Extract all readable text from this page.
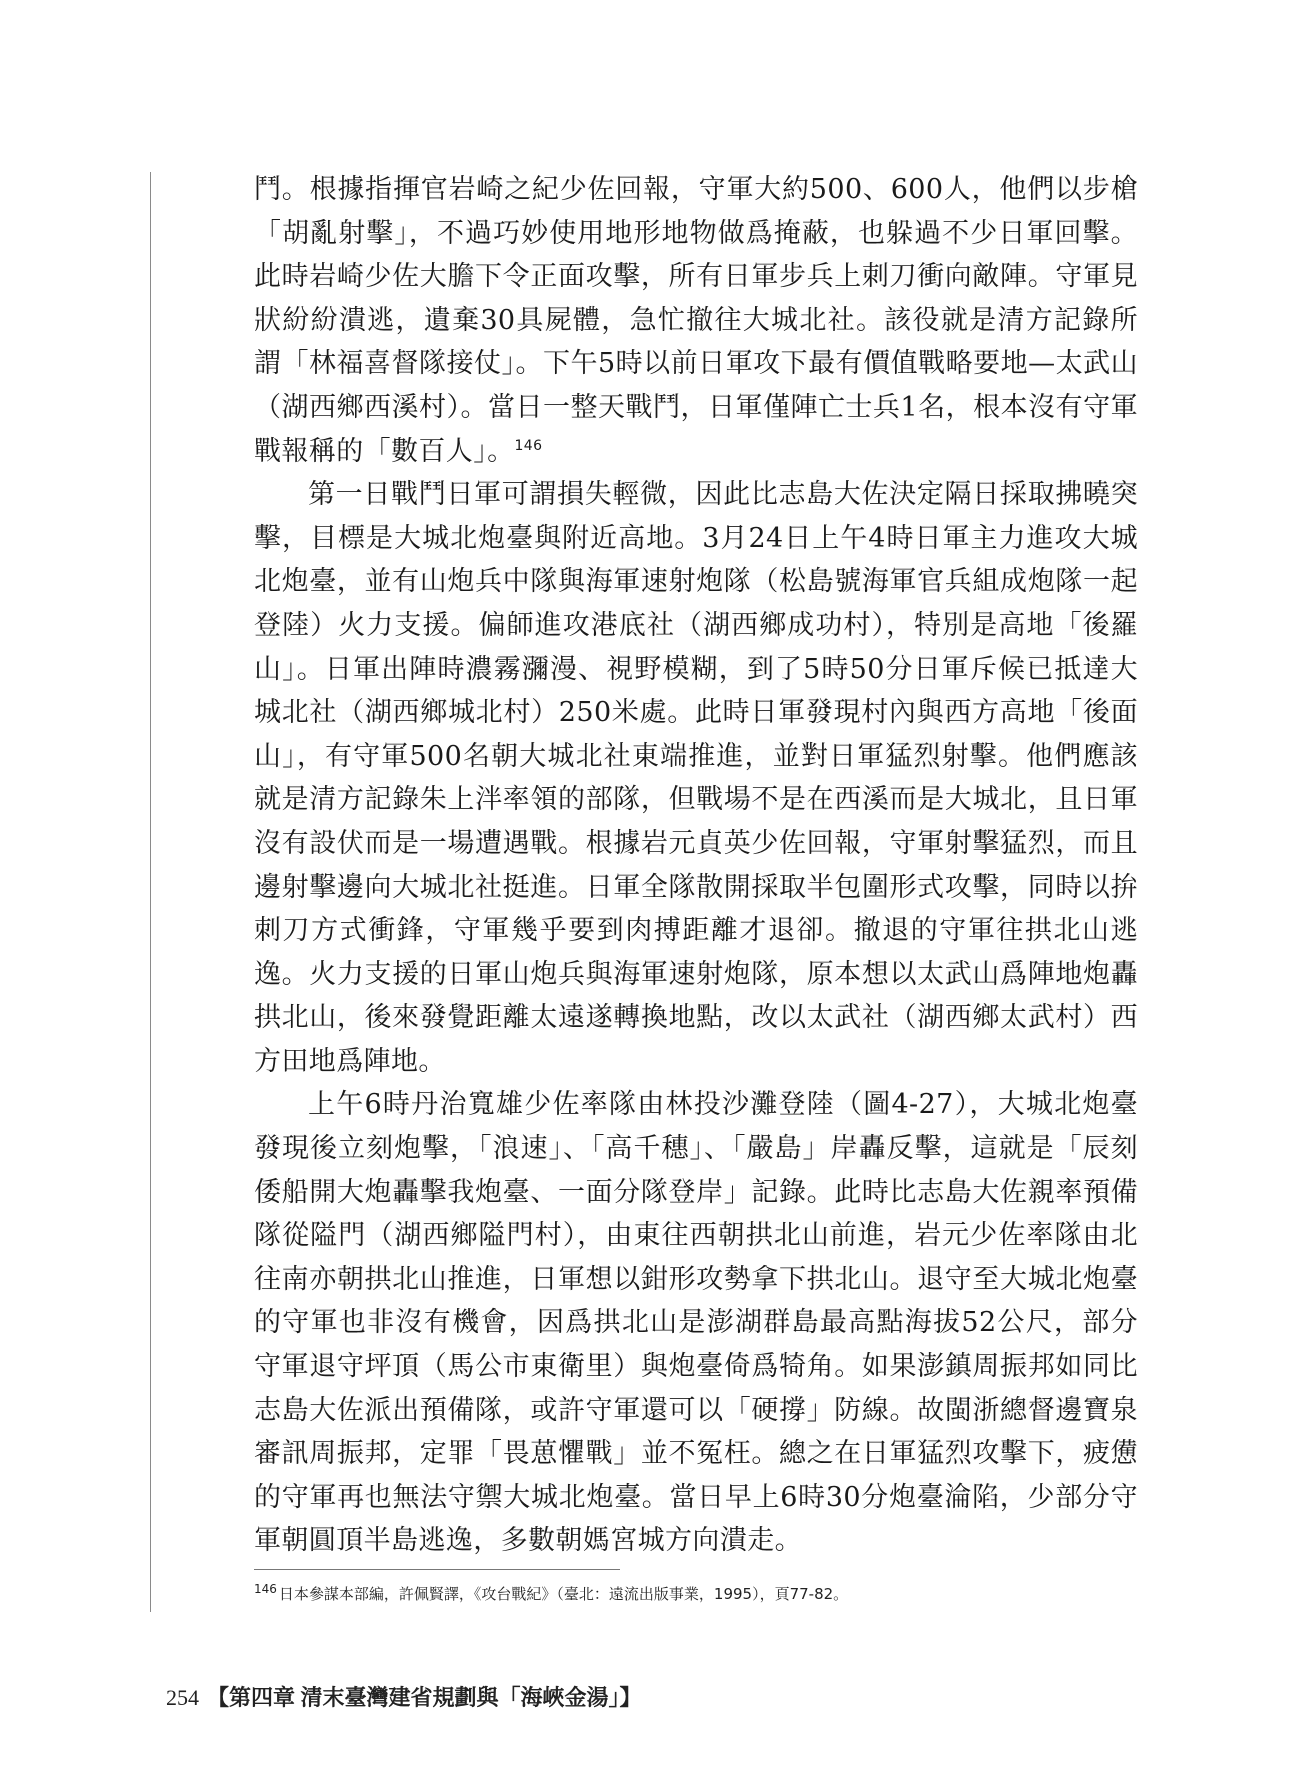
鬥。根據指揮官岩崎之紀少佐回報，守軍大約500、600人，他們以步槍「胡亂射擊」，不過巧妙使用地形地物做爲掩蔽，也躲過不少日軍回擊。此時岩崎少佐大膽下令正面攻擊，所有日軍步兵上刺刀衝向敵陣。守軍見狀紛紛潰逃，遺棄30具屍體，急忙撤往大城北社。該役就是清方記錄所謂「林福喜督隊接仗」。下午5時以前日軍攻下最有價值戰略要地—太武山（湖西鄉西溪村）。當日一整天戰鬥，日軍僅陣亡士兵1名，根本沒有守軍戰報稱的「數百人」。$^{146}$

第一日戰鬥日軍可謂損失輕微，因此比志島大佐決定隔日採取拂曉突擊，目標是大城北炮臺與附近高地。3月24日上午4時日軍主力進攻大城北炮臺，並有山炮兵中隊與海軍速射炮隊（松島號海軍官兵組成炮隊一起登陸）火力支援。偏師進攻港底社（湖西鄉成功村），特別是高地「後羅山」。日軍出陣時濃霧瀰漫、視野模糊，到了5時50分日軍斥候已抵達大城北社（湖西鄉城北村）250米處。此時日軍發現村內與西方高地「後面山」，有守軍500名朝大城北社東端推進，並對日軍猛烈射擊。他們應該就是清方記錄朱上泮率領的部隊，但戰場不是在西溪而是大城北，且日軍沒有設伏而是一場遭遇戰。根據岩元貞英少佐回報，守軍射擊猛烈，而且邊射擊邊向大城北社挺進。日軍全隊散開採取半包圍形式攻擊，同時以拚刺刀方式衝鋒，守軍幾乎要到肉搏距離才退卻。撤退的守軍往拱北山逃逸。火力支援的日軍山炮兵與海軍速射炮隊，原本想以太武山爲陣地炮轟拱北山，後來發覺距離太遠遂轉換地點，改以太武社（湖西鄉太武村）西方田地爲陣地。

上午6時丹治寬雄少佐率隊由林投沙灘登陸（圖4-27），大城北炮臺發現後立刻炮擊，「浪速」、「高千穗」、「嚴島」岸轟反擊，這就是「辰刻倭船開大炮轟擊我炮臺、一面分隊登岸」記錄。此時比志島大佐親率預備隊從隘門（湖西鄉隘門村），由東往西朝拱北山前進，岩元少佐率隊由北往南亦朝拱北山推進，日軍想以鉗形攻勢拿下拱北山。退守至大城北炮臺的守軍也非沒有機會，因爲拱北山是澎湖群島最高點海拔52公尺，部分守軍退守坪頂（馬公市東衛里）與炮臺倚爲犄角。如果澎鎮周振邦如同比志島大佐派出預備隊，或許守軍還可以「硬撐」防線。故閩浙總督邊寶泉審訊周振邦，定罪「畏葸懼戰」並不冤枉。總之在日軍猛烈攻擊下，疲憊的守軍再也無法守禦大城北炮臺。當日早上6時30分炮臺淪陷，少部分守軍朝圓頂半島逃逸，多數朝媽宮城方向潰走。

$^{146}$ 日本參謀本部編，許佩賢譯，《攻台戰紀》（臺北：遠流出版事業，1995），頁77-82。

254 【第四章 清末臺灣建省規劃與「海峽金湯」】
